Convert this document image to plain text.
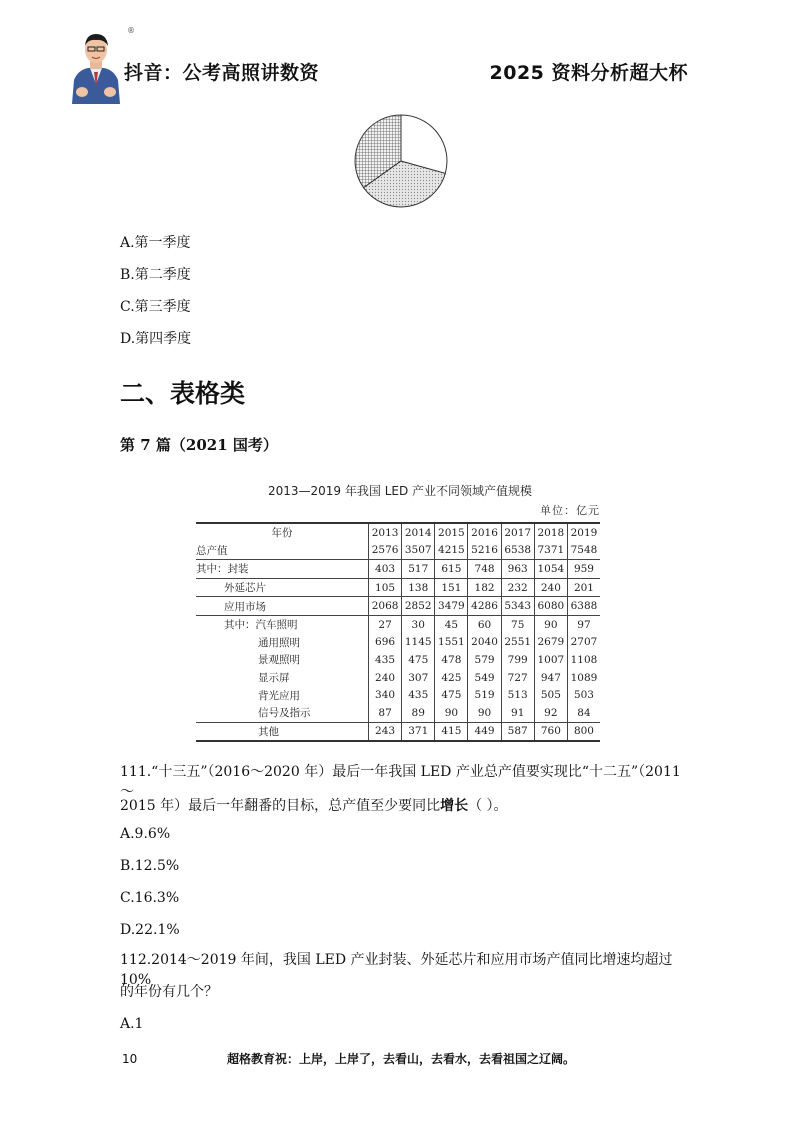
®
抖音：公考高照讲数资	2025 资料分析超大杯
A.第一季度
B.第二季度
C.第三季度
D.第四季度
二、表格类
第 7 篇（2021 国考）
2013—2019 年我国 LED 产业不同领域产值规模
单位：亿元
年份	2013	2014	2015	2016	2017	2018	2019
总产值	2576	3507	4215	5216	6538	7371	7548
其中：封装	403	517	615	748	963	1054	959
外延芯片	105	138	151	182	232	240	201
应用市场	2068	2852	3479	4286	5343	6080	6388
其中：汽车照明	27	30	45	60	75	90	97
通用照明	696	1145	1551	2040	2551	2679	2707
景观照明	435	475	478	579	799	1007	1108
显示屏	240	307	425	549	727	947	1089
背光应用	340	435	475	519	513	505	503
信号及指示	87	89	90	90	91	92	84
其他	243	371	415	449	587	760	800
111.“十三五”（2016～2020 年）最后一年我国 LED 产业总产值要实现比“十二五”（2011～
2015 年）最后一年翻番的目标，总产值至少要同比增长（ ）。
A.9.6%
B.12.5%
C.16.3%
D.22.1%
112.2014～2019 年间，我国 LED 产业封装、外延芯片和应用市场产值同比增速均超过 10%
的年份有几个？
A.1
10	超格教育祝：上岸，上岸了，去看山，去看水，去看祖国之辽阔。
